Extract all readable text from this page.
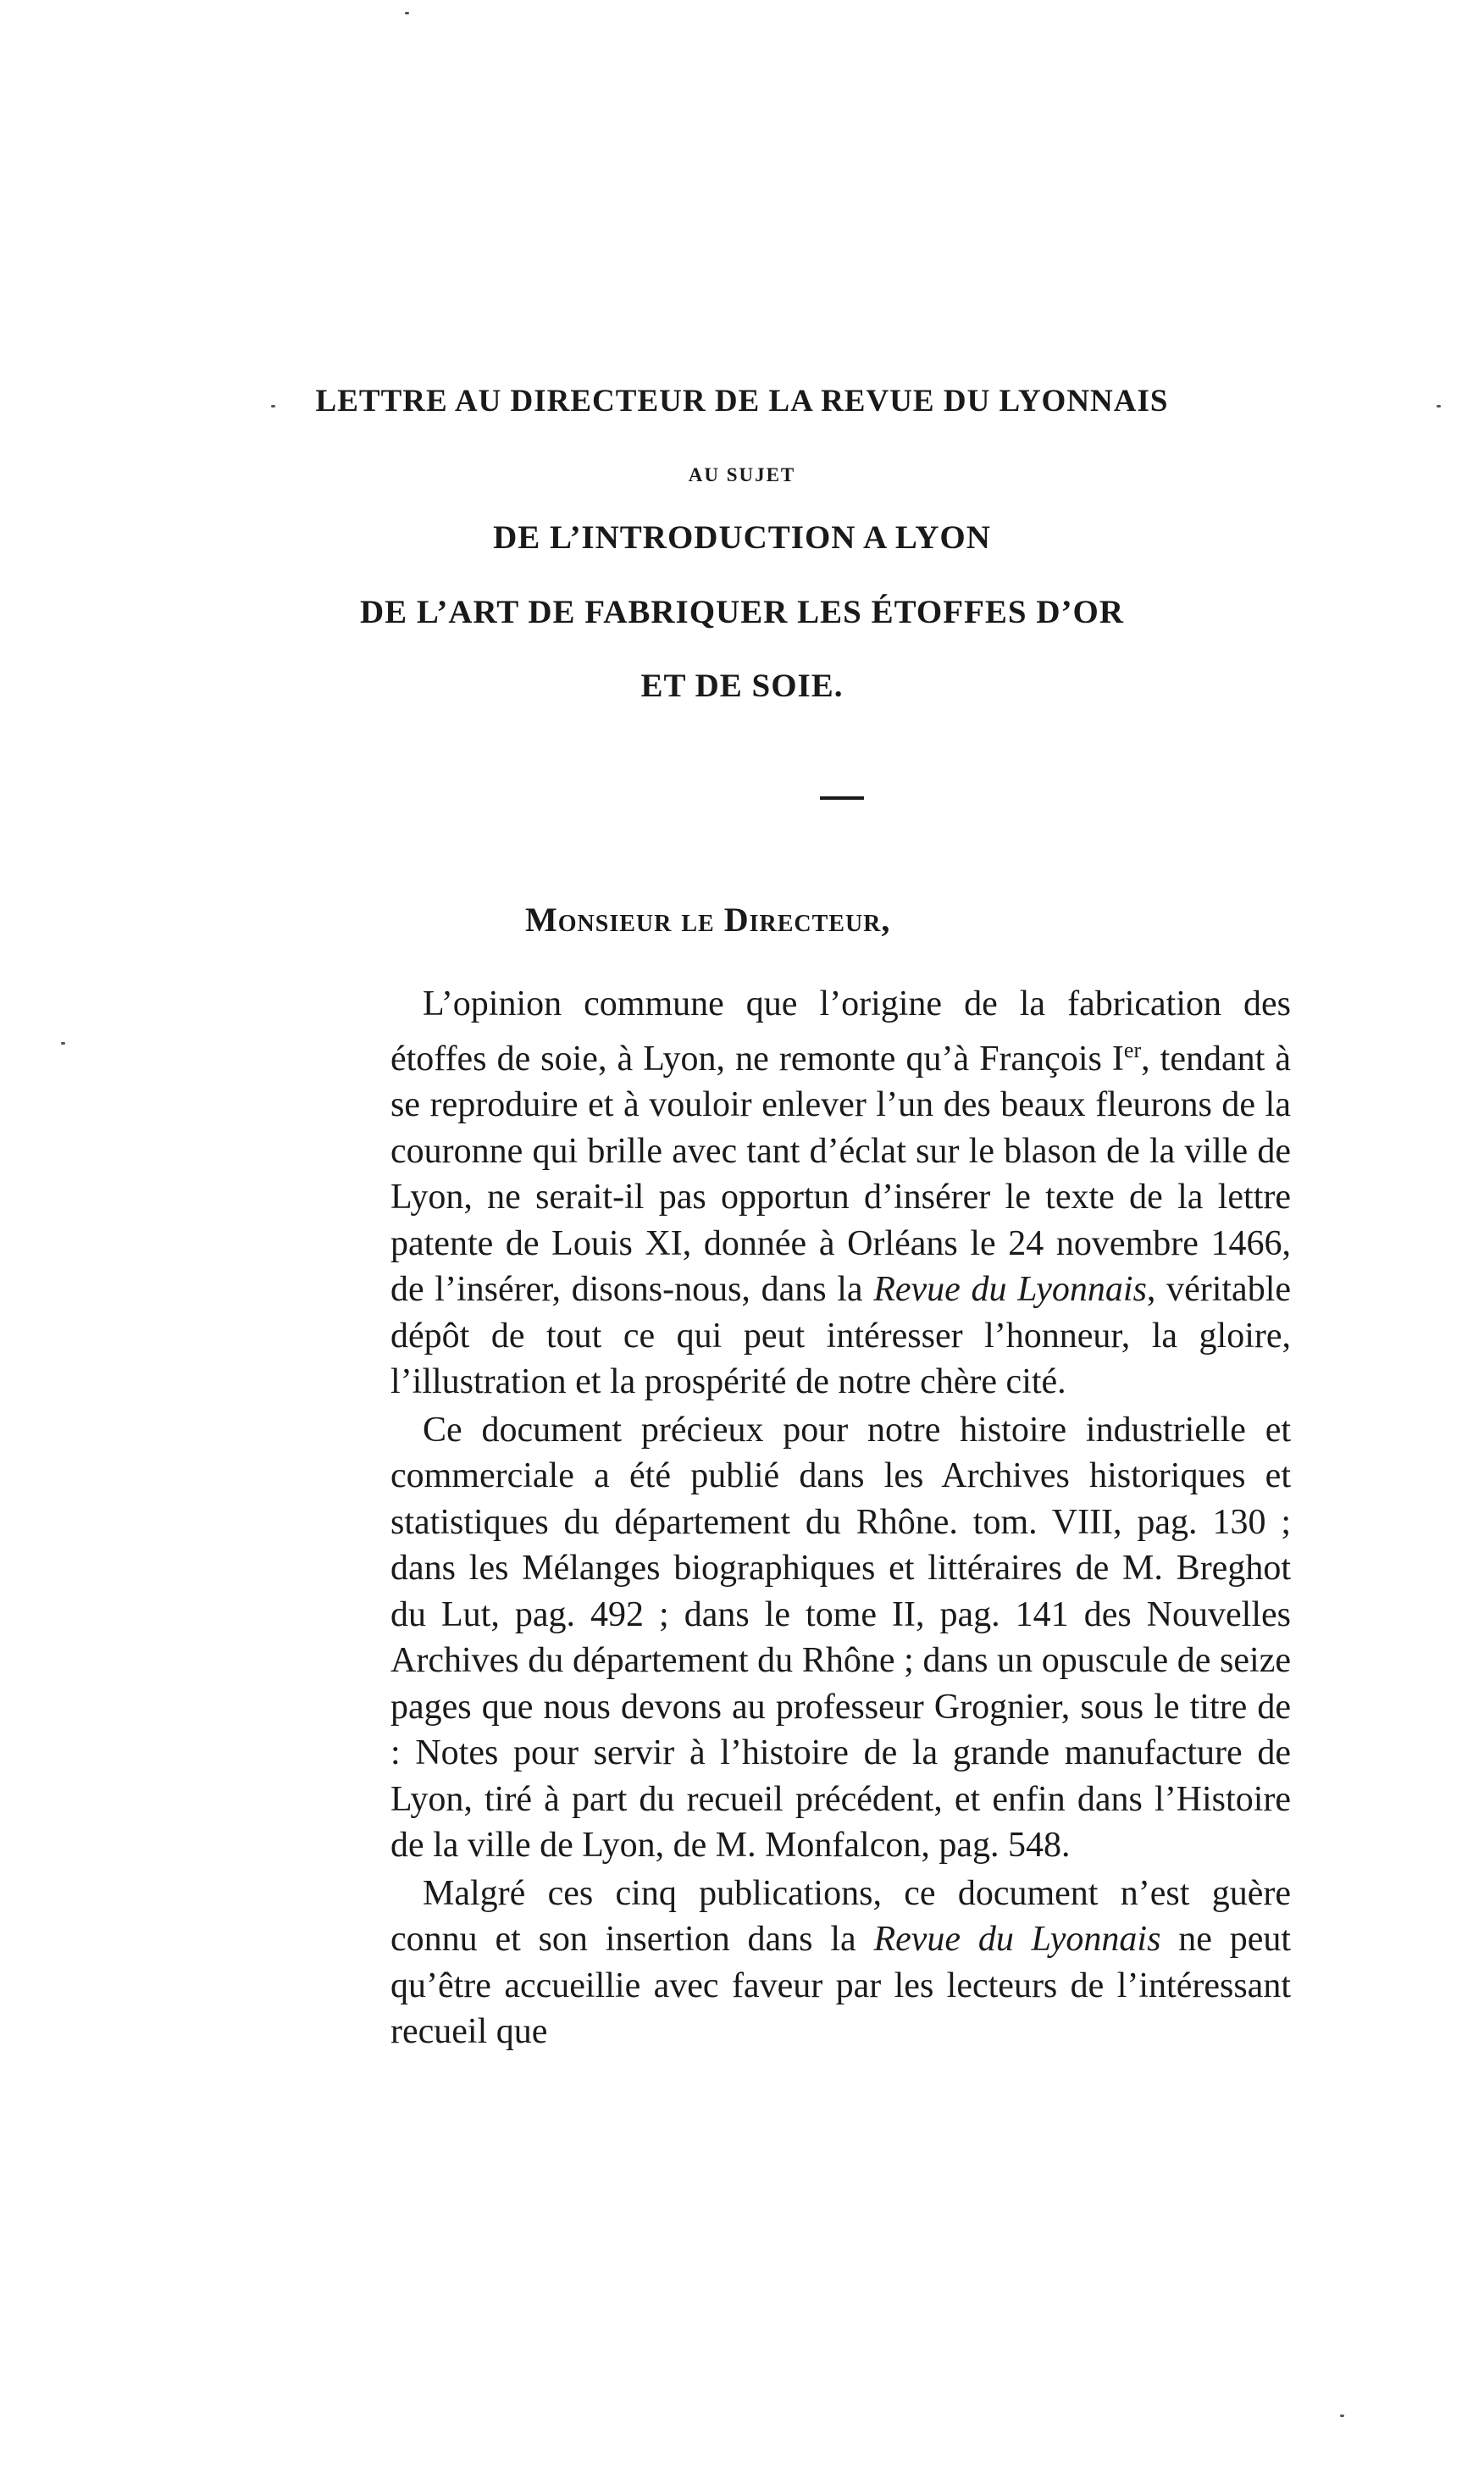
LETTRE AU DIRECTEUR DE LA REVUE DU LYONNAIS
AU SUJET
DE L’INTRODUCTION A LYON
DE L’ART DE FABRIQUER LES ÉTOFFES D’OR
ET DE SOIE.
Monsieur le Directeur,

L’opinion commune que l’origine de la fabrication des étoffes de soie, à Lyon, ne remonte qu’à François Ier, tendant à se reproduire et à vouloir enlever l’un des beaux fleurons de la couronne qui brille avec tant d’éclat sur le blason de la ville de Lyon, ne serait-il pas opportun d’insérer le texte de la lettre patente de Louis XI, donnée à Orléans le 24 novembre 1466, de l’insérer, disons-nous, dans la Revue du Lyonnais, véritable dépôt de tout ce qui peut intéresser l’honneur, la gloire, l’illustration et la prospérité de notre chère cité.

Ce document précieux pour notre histoire industrielle et commerciale a été publié dans les Archives historiques et statistiques du département du Rhône. tom. VIII, pag. 130 ; dans les Mélanges biographiques et littéraires de M. Breghot du Lut, pag. 492 ; dans le tome II, pag. 141 des Nouvelles Archives du département du Rhône ; dans un opuscule de seize pages que nous devons au professeur Grognier, sous le titre de : Notes pour servir à l’histoire de la grande manufacture de Lyon, tiré à part du recueil précédent, et enfin dans l’Histoire de la ville de Lyon, de M. Monfalcon, pag. 548.

Malgré ces cinq publications, ce document n’est guère connu et son insertion dans la Revue du Lyonnais ne peut qu’être accueillie avec faveur par les lecteurs de l’intéressant recueil que
